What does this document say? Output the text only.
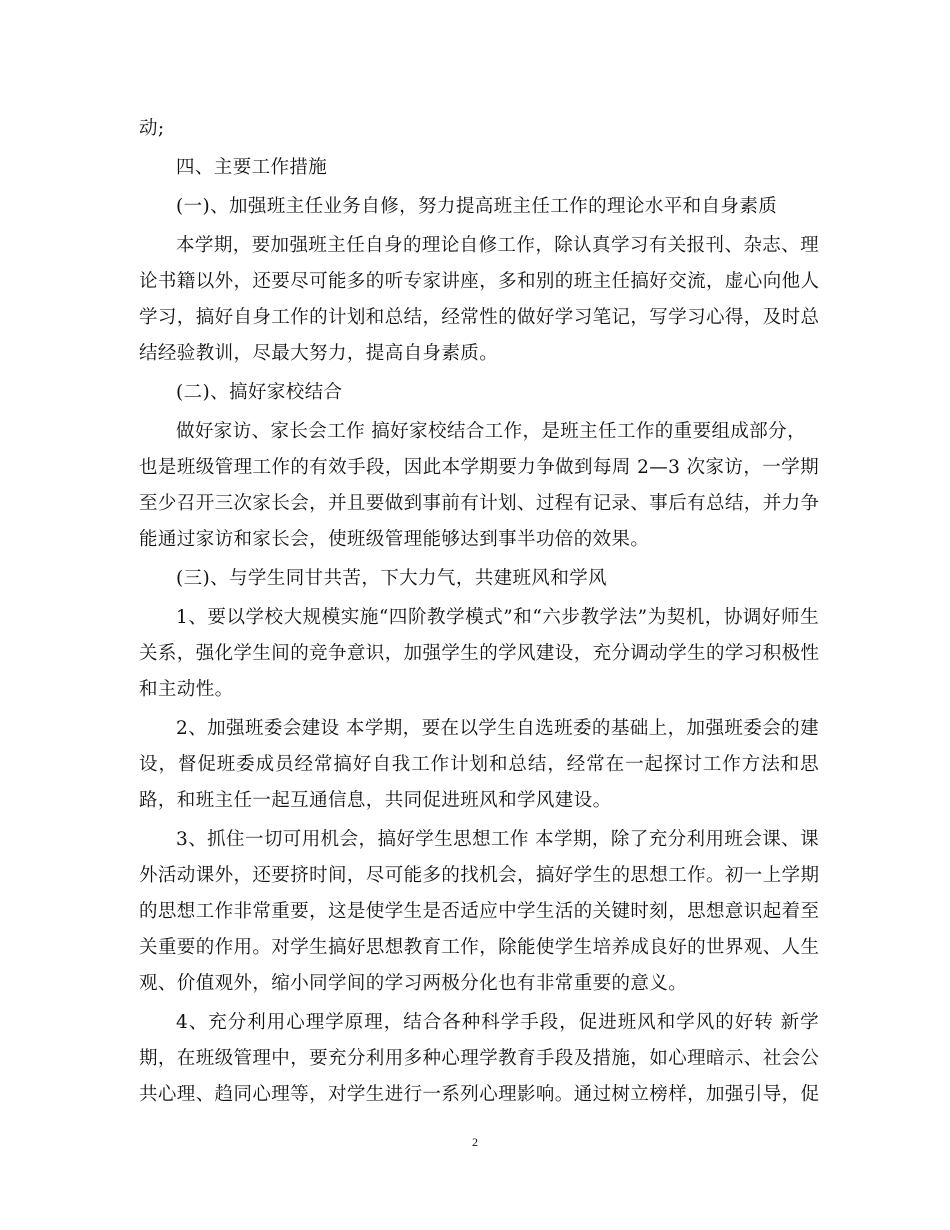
动;
四、主要工作措施
(一)、加强班主任业务自修，努力提高班主任工作的理论水平和自身素质
本学期，要加强班主任自身的理论自修工作，除认真学习有关报刊、杂志、理
论书籍以外，还要尽可能多的听专家讲座，多和别的班主任搞好交流，虚心向他人
学习，搞好自身工作的计划和总结，经常性的做好学习笔记，写学习心得，及时总
结经验教训，尽最大努力，提高自身素质。
(二)、搞好家校结合
做好家访、家长会工作 搞好家校结合工作，是班主任工作的重要组成部分，
也是班级管理工作的有效手段，因此本学期要力争做到每周 2—3 次家访，一学期
至少召开三次家长会，并且要做到事前有计划、过程有记录、事后有总结，并力争
能通过家访和家长会，使班级管理能够达到事半功倍的效果。
(三)、与学生同甘共苦，下大力气，共建班风和学风
1、要以学校大规模实施“四阶教学模式”和“六步教学法”为契机，协调好师生
关系，强化学生间的竞争意识，加强学生的学风建设，充分调动学生的学习积极性
和主动性。
2、加强班委会建设 本学期，要在以学生自选班委的基础上，加强班委会的建
设，督促班委成员经常搞好自我工作计划和总结，经常在一起探讨工作方法和思
路，和班主任一起互通信息，共同促进班风和学风建设。
3、抓住一切可用机会，搞好学生思想工作 本学期，除了充分利用班会课、课
外活动课外，还要挤时间，尽可能多的找机会，搞好学生的思想工作。初一上学期
的思想工作非常重要，这是使学生是否适应中学生活的关键时刻，思想意识起着至
关重要的作用。对学生搞好思想教育工作，除能使学生培养成良好的世界观、人生
观、价值观外，缩小同学间的学习两极分化也有非常重要的意义。
4、充分利用心理学原理，结合各种科学手段，促进班风和学风的好转 新学
期，在班级管理中，要充分利用多种心理学教育手段及措施，如心理暗示、社会公
共心理、趋同心理等，对学生进行一系列心理影响。通过树立榜样，加强引导，促
2
